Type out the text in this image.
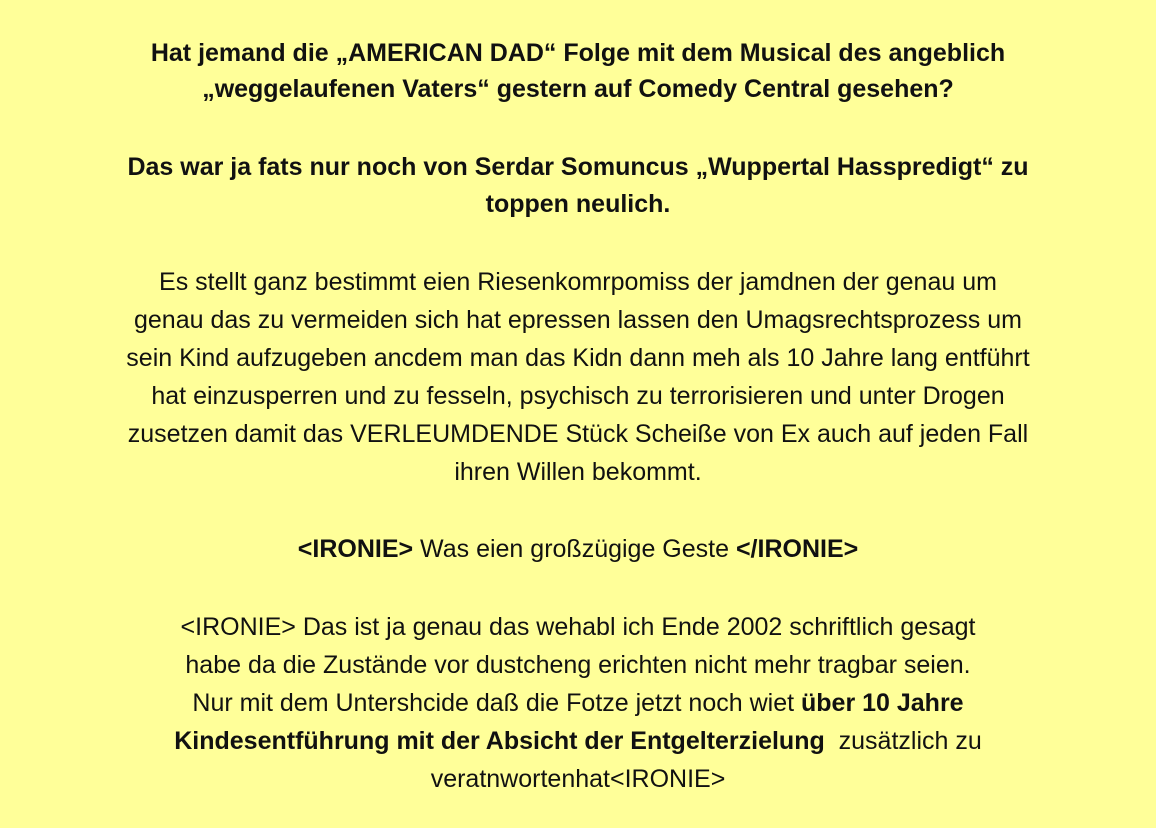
Hat jemand die „AMERICAN DAD“ Folge mit dem Musical des angeblich
„weggelaufenen Vaters“ gestern auf Comedy Central gesehen?
Das war ja fats nur noch von Serdar Somuncus „Wuppertal Hasspredigt“ zu
toppen neulich.
Es stellt ganz bestimmt eien Riesenkomrpomiss der jamdnen der genau um
genau das zu vermeiden sich hat epressen lassen den Umagsrechtsprozess um
sein Kind aufzugeben ancdem man das Kidn dann meh als 10 Jahre lang entführt
hat einzusperren und zu fesseln, psychisch zu terrorisieren und unter Drogen
zusetzen damit das VERLEUMDENDE Stück Scheiße von Ex auch auf jeden Fall
ihren Willen bekommt.
<IRONIE> Was eien großzügige Geste </IRONIE>
<IRONIE> Das ist ja genau das wehabl ich Ende 2002 schriftlich gesagt
habe da die Zustände vor dustcheng erichten nicht mehr tragbar seien.
Nur mit dem Untershcide daß die Fotze jetzt noch wiet über 10 Jahre
Kindesentführung mit der Absicht der Entgelterzielung  zusätzlich zu
veratnwortenhat<IRONIE>
